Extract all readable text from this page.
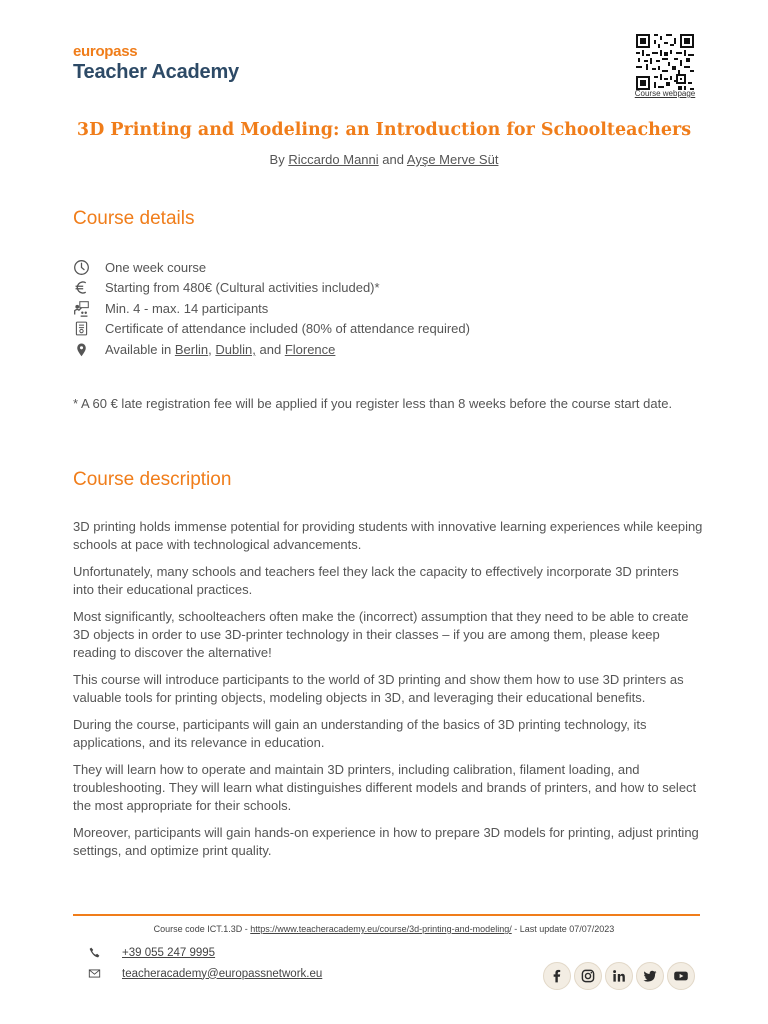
europass
Teacher Academy
Course webpage
3D Printing and Modeling: an Introduction for Schoolteachers
By Riccardo Manni and Ayşe Merve Süt
Course details
One week course
Starting from 480€ (Cultural activities included)*
Min. 4 - max. 14 participants
Certificate of attendance included (80% of attendance required)
Available in
Berlin ,
Dublin,
and
Florence
* A 60 € late registration fee will be applied if you register less than 8 weeks before the course start date.
Course description

3D printing holds immense potential for providing students with innovative learning experiences while keeping schools at pace with technological advancements.

Unfortunately, many schools and teachers feel they lack the capacity to effectively incorporate 3D printers into their educational practices.

Most significantly, schoolteachers often make the (incorrect) assumption that they need to be able to create 3D objects in order to use 3D-printer technology in their classes – if you are among them, please keep reading to discover the alternative!

This course will introduce participants to the world of 3D printing and show them how to use 3D printers as valuable tools for printing objects, modeling objects in 3D, and leveraging their educational benefits.

During the course, participants will gain an understanding of the basics of 3D printing technology, its applications, and its relevance in education.

They will learn how to operate and maintain 3D printers, including calibration, filament loading, and troubleshooting. They will learn what distinguishes different models and brands of printers, and how to select the most appropriate for their schools.

Moreover, participants will gain hands-on experience in how to prepare 3D models for printing, adjust printing settings, and optimize print quality.

Course code ICT.1.3D - https://www.teacheracademy.eu/course/3d-printing-and-modeling/ - Last update 07/07/2023
+39 055 247 9995
teacheracademy@europassnetwork.eu
